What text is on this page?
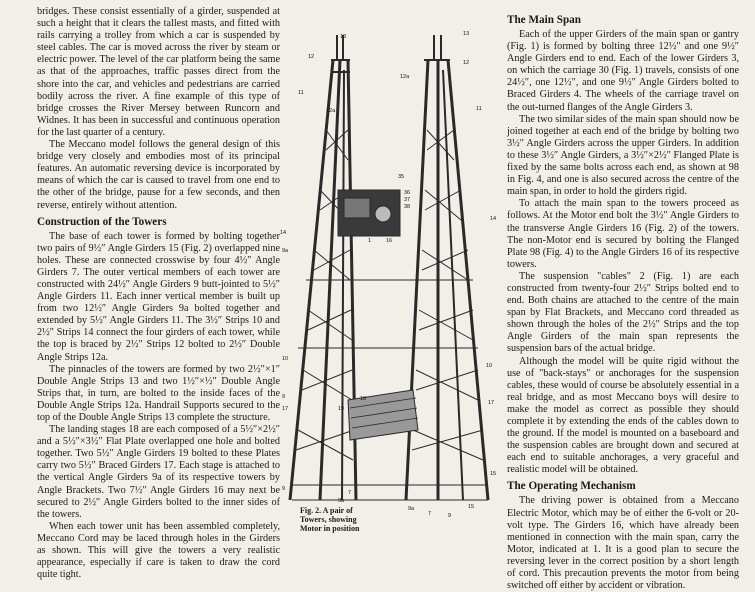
bridges. These consist essentially of a girder, suspended at such a height that it clears the tallest masts, and fitted with rails carrying a trolley from which a car is suspended by steel cables. The car is moved across the river by steam or electric power. The level of the car platform being the same as that of the approaches, traffic passes direct from the shore into the car, and vehicles and pedestrians are carried bodily across the river. A fine example of this type of bridge crosses the River Mersey between Runcorn and Widnes. It has been in successful and continuous operation for the last quarter of a century.

The Meccano model follows the general design of this bridge very closely and embodies most of its principal features. An automatic reversing device is incorporated by means of which the car is caused to travel from one end to the other of the bridge, pause for a few seconds, and then reverse, entirely without attention.

Construction of the Towers

The base of each tower is formed by bolting together two pairs of 9½″ Angle Girders 15 (Fig. 2) overlapped nine holes. These are connected crosswise by four 4½″ Angle Girders 7. The outer vertical members of each tower are constructed with 24½″ Angle Girders 9 butt-jointed to 5½″ Angle Girders 11. Each inner vertical member is built up from two 12½″ Angle Girders 9a bolted together and extended by 5½″ Angle Girders 11. The 3½″ Strips 10 and 2½″ Strips 14 connect the four girders of each tower, while the top is braced by 2½″ Strips 12 bolted to 2½″ Double Angle Strips 12a.

The pinnacles of the towers are formed by two 2½″×1″ Double Angle Strips 13 and two 1½″×½″ Double Angle Strips that, in turn, are bolted to the inside faces of the Double Angle Strips 12a. Handrail Supports secured to the top of the Double Angle Strips 13 complete the structure.

The landing stages 18 are each composed of a 5½″×2½″ and a 5½″×3½″ Flat Plate overlapped one hole and bolted together. Two 5½″ Angle Girders 19 bolted to these Plates carry two 5½″ Braced Girders 17. Each stage is attached to the vertical Angle Girders 9a of its respective towers by Angle Brackets. Two 7½″ Angle Girders 16 may next be secured to 2½″ Angle Girders bolted to the inner sides of the towers.

When each tower unit has been assembled completely, Meccano Cord may be laced through holes in the Girders as shown. This will give the towers a very realistic appearance, especially if care is taken to draw the cord quite tight.

The Main Span

Each of the upper Girders of the main span or gantry (Fig. 1) is formed by bolting three 12½″ and one 9½″ Angle Girders end to end. Each of the lower Girders 3, on which the carriage 30 (Fig. 1) travels, consists of one 24½″, one 12½″, and one 9½″ Angle Girders bolted to Braced Girders 4. The wheels of the carriage travel on the out-turned flanges of the Angle Girders 3.

The two similar sides of the main span should now be joined together at each end of the bridge by bolting two 3½″ Angle Girders across the upper Girders. In addition to these 3½″ Angle Girders, a 3½″×2½″ Flanged Plate is fixed by the same bolts across each end, as shown at 98 in Fig. 4, and one is also secured across the centre of the main span, in order to hold the girders rigid.

To attach the main span to the towers proceed as follows. At the Motor end bolt the 3½″ Angle Girders to the transverse Angle Girders 16 (Fig. 2) of the towers. The non-Motor end is secured by bolting the Flanged Plate 98 (Fig. 4) to the Angle Girders 16 of its respective towers.

The suspension "cables" 2 (Fig. 1) are each constructed from twenty-four 2½″ Strips bolted end to end. Both chains are attached to the centre of the main span by Flat Brackets, and Meccano cord threaded as shown through the holes of the 2½″ Strips and the top Angle Girders of the main span represents the suspension bars of the actual bridge.

Although the model will be quite rigid without the use of "back-stays" or anchorages for the suspension cables, these would of course be absolutely essential in a real bridge, and as most Meccano boys will desire to make the model as correct as possible they should complete it by extending the ends of the cables down to the ground. If the model is mounted on a baseboard and the suspension cables are brought down and secured at each end to suitable anchorages, a very graceful and realistic model will be obtained.

The Operating Mechanism

The driving power is obtained from a Meccano Electric Motor, which may be of either the 6-volt or 20-volt type. The Girders 16, which have already been mentioned in connection with the main span, carry the Motor, indicated at 1. It is a good plan to secure the reversing lever in the correct position by a short length of cord. This precaution prevents the motor from being switched off either by accident or vibration.

13	13
12
12a
12
12a
11
11
35
36
37
38
1	16
14
14
9a
10
10
18
19
9
17
17
15
7
7
9
9a
9a
9
15
Fig. 2. A pair of Towers, showing Motor in position
